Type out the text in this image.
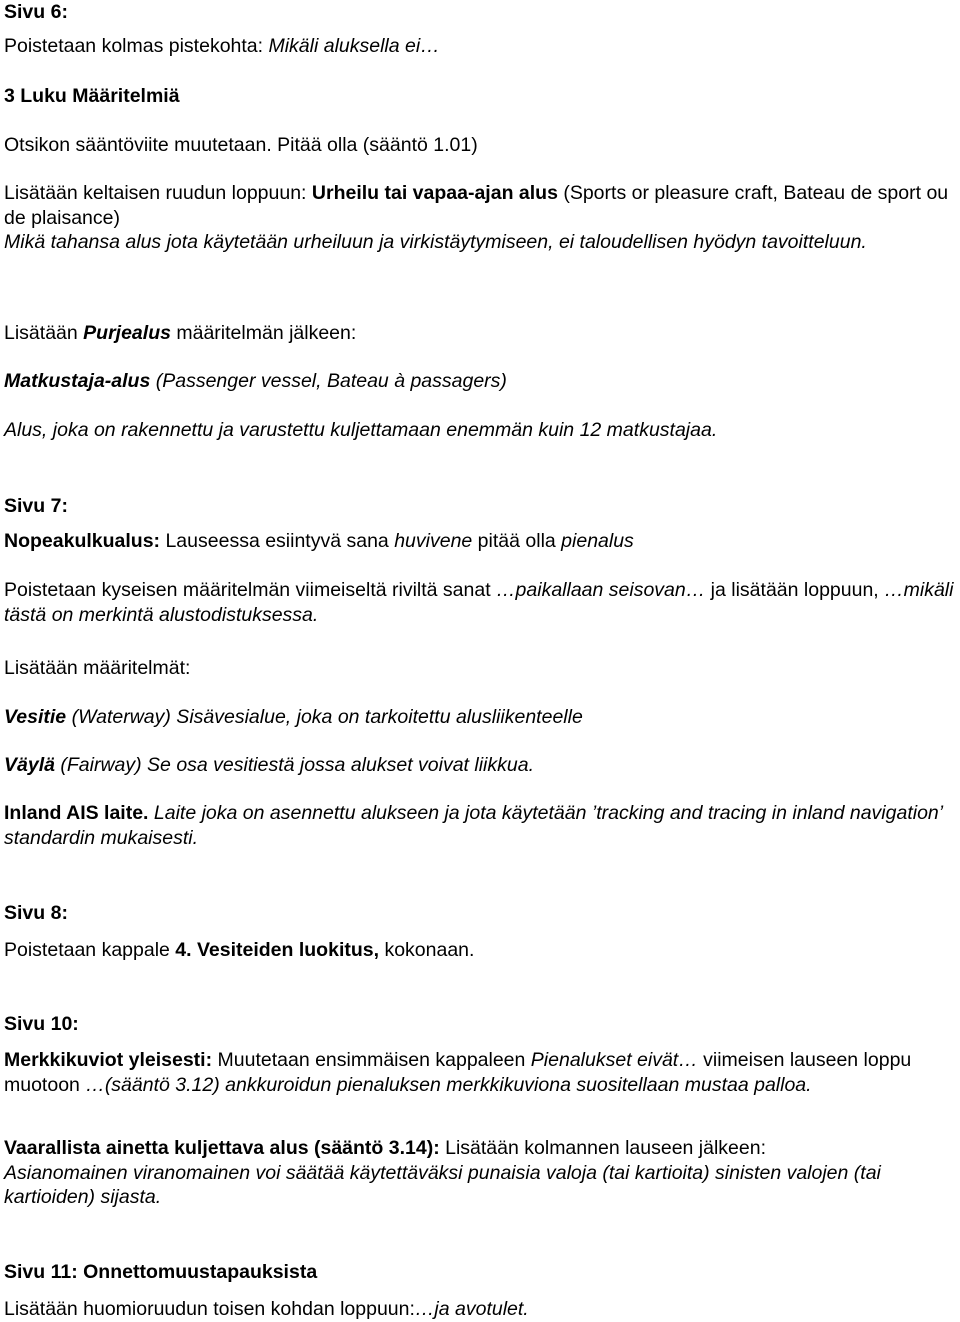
Sivu 6:

Poistetaan kolmas pistekohta: Mikäli aluksella ei…

3 Luku Määritelmiä

Otsikon sääntöviite muutetaan. Pitää olla (sääntö 1.01)

Lisätään keltaisen ruudun loppuun: Urheilu tai vapaa-ajan alus (Sports or pleasure craft, Bateau de sport ou de plaisance)
Mikä tahansa alus jota käytetään urheiluun ja virkistäytymiseen, ei taloudellisen hyödyn tavoitteluun.

Lisätään Purjealus määritelmän jälkeen:

Matkustaja-alus (Passenger vessel, Bateau à passagers)

Alus, joka on rakennettu ja varustettu kuljettamaan enemmän kuin 12 matkustajaa.

Sivu 7:

Nopeakulkualus: Lauseessa esiintyvä sana huvivene pitää olla pienalus

Poistetaan kyseisen määritelmän viimeiseltä riviltä sanat …paikallaan seisovan… ja lisätään loppuun, …mikäli tästä on merkintä alustodistuksessa.

Lisätään määritelmät:

Vesitie (Waterway) Sisävesialue, joka on tarkoitettu alusliikenteelle

Väylä (Fairway) Se osa vesitiestä jossa alukset voivat liikkua.

Inland AIS laite. Laite joka on asennettu alukseen ja jota käytetään ’tracking and tracing in inland navigation’ standardin mukaisesti.

Sivu 8:

Poistetaan kappale 4. Vesiteiden luokitus, kokonaan.

Sivu 10:

Merkkikuviot yleisesti: Muutetaan ensimmäisen kappaleen Pienalukset eivät… viimeisen lauseen loppu muotoon …(sääntö 3.12) ankkuroidun pienaluksen merkkikuviona suositellaan mustaa palloa.

Vaarallista ainetta kuljettava alus (sääntö 3.14): Lisätään kolmannen lauseen jälkeen:
Asianomainen viranomainen voi säätää käytettäväksi punaisia valoja (tai kartioita) sinisten valojen (tai kartioiden) sijasta.

Sivu 11: Onnettomuustapauksista

Lisätään huomioruudun toisen kohdan loppuun:…ja avotulet.
